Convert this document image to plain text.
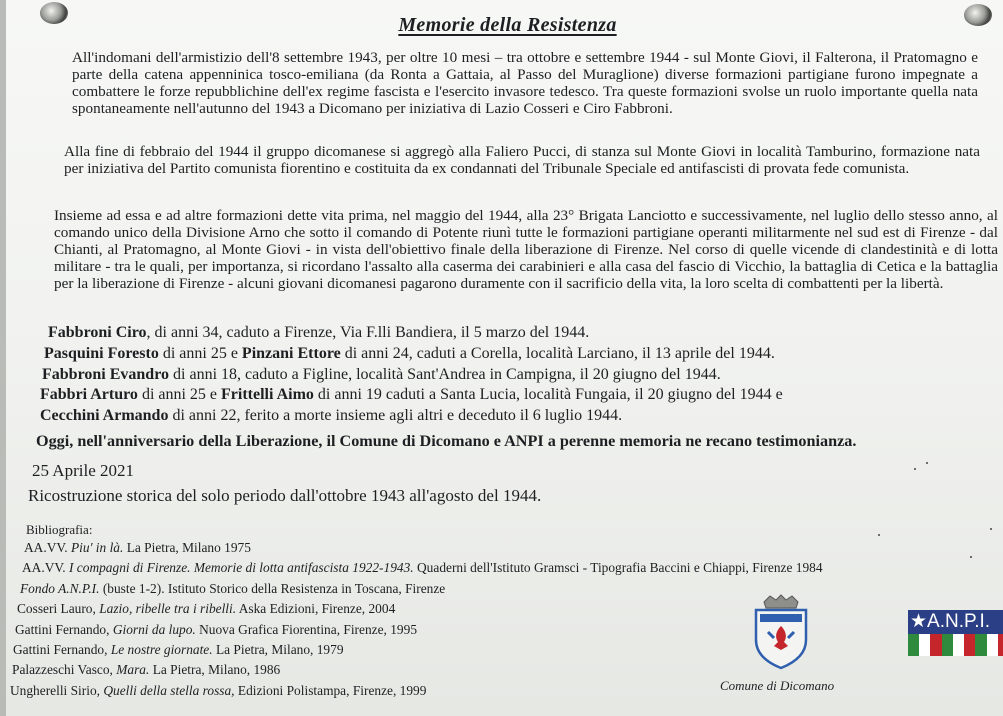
Memorie della Resistenza

All'indomani dell'armistizio dell'8 settembre 1943, per oltre 10 mesi – tra ottobre e settembre 1944 - sul Monte Giovi, il Falterona, il Pratomagno e parte della catena appenninica tosco-emiliana (da Ronta a Gattaia, al Passo del Muraglione) diverse formazioni partigiane furono impegnate a combattere le forze repubblichine dell'ex regime fascista e l'esercito invasore tedesco. Tra queste formazioni svolse un ruolo importante quella nata spontaneamente nell'autunno del 1943 a Dicomano per iniziativa di Lazio Cosseri e Ciro Fabbroni.

Alla fine di febbraio del 1944 il gruppo dicomanese si aggregò alla Faliero Pucci, di stanza sul Monte Giovi in località Tamburino, formazione nata per iniziativa del Partito comunista fiorentino e costituita da ex condannati del Tribunale Speciale ed antifascisti di provata fede comunista.

Insieme ad essa e ad altre formazioni dette vita prima, nel maggio del 1944, alla 23° Brigata Lanciotto e successivamente, nel luglio dello stesso anno, al comando unico della Divisione Arno che sotto il comando di Potente riunì tutte le formazioni partigiane operanti militarmente nel sud est di Firenze - dal Chianti, al Pratomagno, al Monte Giovi - in vista dell'obiettivo finale della liberazione di Firenze. Nel corso di quelle vicende di clandestinità e di lotta militare - tra le quali, per importanza, si ricordano l'assalto alla caserma dei carabinieri e alla casa del fascio di Vicchio, la battaglia di Cetica e la battaglia per la liberazione di Firenze - alcuni giovani dicomanesi pagarono duramente con il sacrificio della vita, la loro scelta di combattenti per la libertà.

Fabbroni Ciro, di anni 34, caduto a Firenze, Via F.lli Bandiera, il 5 marzo del 1944.
Pasquini Foresto di anni 25 e Pinzani Ettore di anni 24, caduti a Corella, località Larciano, il 13 aprile del 1944.
Fabbroni Evandro di anni 18, caduto a Figline, località Sant'Andrea in Campigna, il 20 giugno del 1944.
Fabbri Arturo di anni 25 e Frittelli Aimo di anni 19 caduti a Santa Lucia, località Fungaia, il 20 giugno del 1944 e
Cecchini Armando di anni 22, ferito a morte insieme agli altri e deceduto il 6 luglio 1944.
Oggi, nell'anniversario della Liberazione, il Comune di Dicomano e ANPI a perenne memoria ne recano testimonianza.
25 Aprile 2021
Ricostruzione storica del solo periodo dall'ottobre 1943 all'agosto del 1944.
Bibliografia:
AA.VV. Piu' in là. La Pietra, Milano 1975
AA.VV. I compagni di Firenze. Memorie di lotta antifascista 1922-1943. Quaderni dell'Istituto Gramsci - Tipografia Baccini e Chiappi, Firenze 1984
Fondo A.N.P.I. (buste 1-2). Istituto Storico della Resistenza in Toscana, Firenze
Cosseri Lauro, Lazio, ribelle tra i ribelli. Aska Edizioni, Firenze, 2004
Gattini Fernando, Giorni da lupo. Nuova Grafica Fiorentina, Firenze, 1995
Gattini Fernando, Le nostre giornate. La Pietra, Milano, 1979
Palazzeschi Vasco, Mara. La Pietra, Milano, 1986
Ungherelli Sirio, Quelli della stella rossa, Edizioni Polistampa, Firenze, 1999	Comune di Dicomano
★A.N.P.I.
